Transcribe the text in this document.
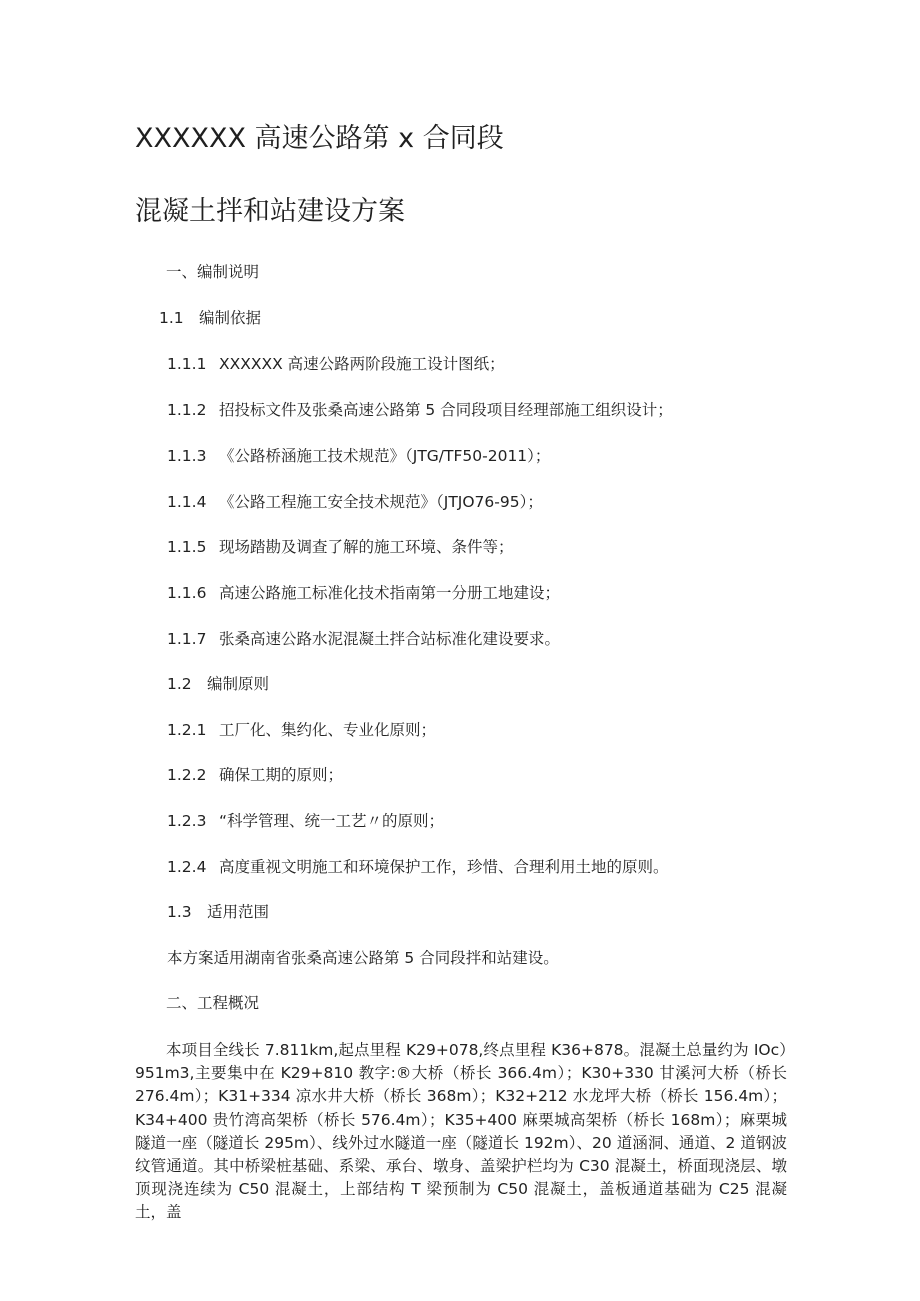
XXXXXX 高速公路第 x 合同段
混凝土拌和站建设方案
一、编制说明
1.1 编制依据
1.1.1 XXXXXX 高速公路两阶段施工设计图纸；
1.1.2 招投标文件及张桑高速公路第 5 合同段项目经理部施工组织设计；
1.1.3 《公路桥涵施工技术规范》（JTG/TF50-2011）；
1.1.4 《公路工程施工安全技术规范》（JTJO76-95）；
1.1.5 现场踏勘及调查了解的施工环境、条件等；
1.1.6 高速公路施工标准化技术指南第一分册工地建设；
1.1.7 张桑高速公路水泥混凝土拌合站标准化建设要求。
1.2 编制原则
1.2.1 工厂化、集约化、专业化原则；
1.2.2 确保工期的原则；
1.2.3 “科学管理、统一工艺〃的原则；
1.2.4 高度重视文明施工和环境保护工作，珍惜、合理利用土地的原则。
1.3 适用范围
本方案适用湖南省张桑高速公路第 5 合同段拌和站建设。
二、工程概况
本项目全线长 7.811km,起点里程 K29+078,终点里程 K36+878。混凝土总量约为 IOc）951m3,主要集中在 K29+810 教字:®大桥（桥长 366.4m）；K30+330 甘溪河大桥（桥长 276.4m）；K31+334 凉水井大桥（桥长 368m）；K32+212 水龙坪大桥（桥长 156.4m）；K34+400 贵竹湾高架桥（桥长 576.4m）；K35+400 麻栗城高架桥（桥长 168m）；麻栗城隧道一座（隧道长 295m）、线外过水隧道一座（隧道长 192m）、20 道涵洞、通道、2 道钢波纹管通道。其中桥梁桩基础、系梁、承台、墩身、盖梁护栏均为 C30 混凝土，桥面现浇层、墩顶现浇连续为 C50 混凝土，上部结构 T 梁预制为 C50 混凝土，盖板通道基础为 C25 混凝土，盖
